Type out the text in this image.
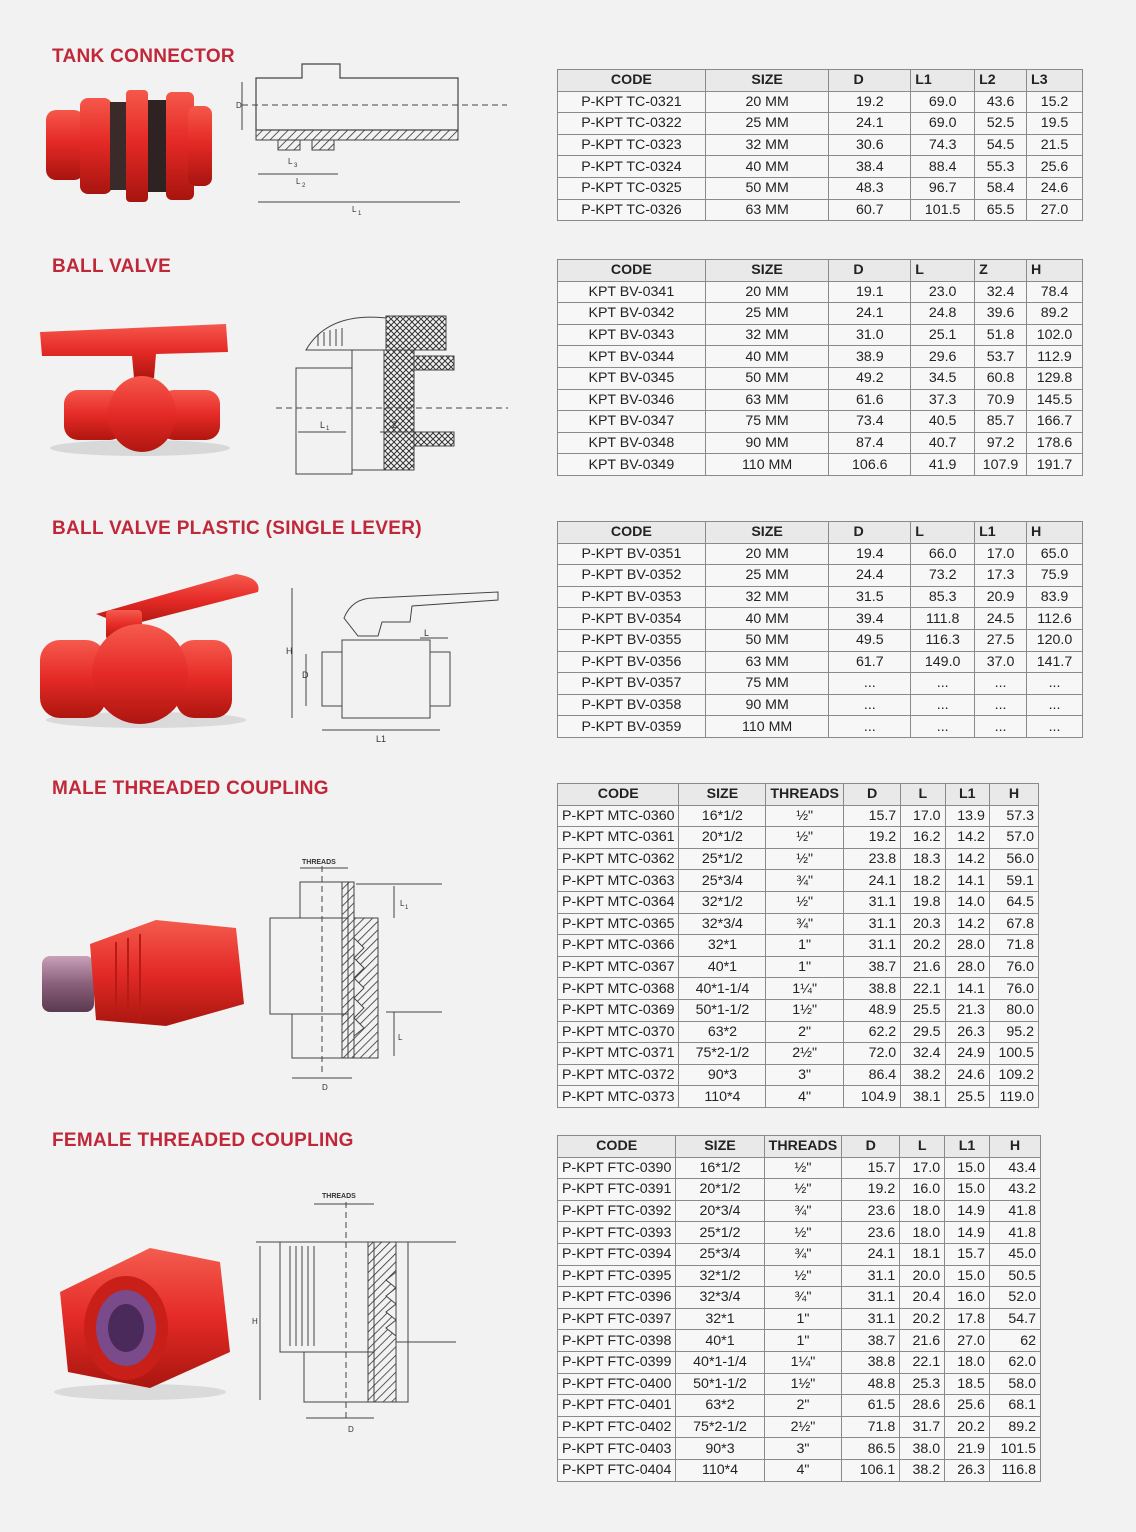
TANK CONNECTOR
D
L 3
L 2
L 1
CODE	SIZE	D	L1	L2	L3
P-KPT TC-0321	20 MM	19.2	69.0	43.6	15.2
P-KPT TC-0322	25 MM	24.1	69.0	52.5	19.5
P-KPT TC-0323	32 MM	30.6	74.3	54.5	21.5
P-KPT TC-0324	40 MM	38.4	88.4	55.3	25.6
P-KPT TC-0325	50 MM	48.3	96.7	58.4	24.6
P-KPT TC-0326	63 MM	60.7	101.5	65.5	27.0
BALL VALVE
L 1	Z
CODE	SIZE	D	L	Z	H
KPT BV-0341	20 MM	19.1	23.0	32.4	78.4
KPT BV-0342	25 MM	24.1	24.8	39.6	89.2
KPT BV-0343	32 MM	31.0	25.1	51.8	102.0
KPT BV-0344	40 MM	38.9	29.6	53.7	112.9
KPT BV-0345	50 MM	49.2	34.5	60.8	129.8
KPT BV-0346	63 MM	61.6	37.3	70.9	145.5
KPT BV-0347	75 MM	73.4	40.5	85.7	166.7
KPT BV-0348	90 MM	87.4	40.7	97.2	178.6
KPT BV-0349	110 MM	106.6	41.9	107.9	191.7
BALL VALVE PLASTIC (SINGLE LEVER)
H
D
L
L1
CODE	SIZE	D	L	L1	H
P-KPT BV-0351	20 MM	19.4	66.0	17.0	65.0
P-KPT BV-0352	25 MM	24.4	73.2	17.3	75.9
P-KPT BV-0353	32 MM	31.5	85.3	20.9	83.9
P-KPT BV-0354	40 MM	39.4	111.8	24.5	112.6
P-KPT BV-0355	50 MM	49.5	116.3	27.5	120.0
P-KPT BV-0356	63 MM	61.7	149.0	37.0	141.7
P-KPT BV-0357	75 MM	...	...	...	...
P-KPT BV-0358	90 MM	...	...	...	...
P-KPT BV-0359	110 MM	...	...	...	...
MALE THREADED COUPLING
THREADS
L 1
L
D
CODE	SIZE	THREADS	D	L	L1	H
P-KPT MTC-0360	16*1/2	½"	15.7	17.0	13.9	57.3
P-KPT MTC-0361	20*1/2	½"	19.2	16.2	14.2	57.0
P-KPT MTC-0362	25*1/2	½"	23.8	18.3	14.2	56.0
P-KPT MTC-0363	25*3/4	¾"	24.1	18.2	14.1	59.1
P-KPT MTC-0364	32*1/2	½"	31.1	19.8	14.0	64.5
P-KPT MTC-0365	32*3/4	¾"	31.1	20.3	14.2	67.8
P-KPT MTC-0366	32*1	1"	31.1	20.2	28.0	71.8
P-KPT MTC-0367	40*1	1"	38.7	21.6	28.0	76.0
P-KPT MTC-0368	40*1-1/4	1¼"	38.8	22.1	14.1	76.0
P-KPT MTC-0369	50*1-1/2	1½"	48.9	25.5	21.3	80.0
P-KPT MTC-0370	63*2	2"	62.2	29.5	26.3	95.2
P-KPT MTC-0371	75*2-1/2	2½"	72.0	32.4	24.9	100.5
P-KPT MTC-0372	90*3	3"	86.4	38.2	24.6	109.2
P-KPT MTC-0373	110*4	4"	104.9	38.1	25.5	119.0
FEMALE THREADED COUPLING
THREADS
H
D
CODE	SIZE	THREADS	D	L	L1	H
P-KPT FTC-0390	16*1/2	½"	15.7	17.0	15.0	43.4
P-KPT FTC-0391	20*1/2	½"	19.2	16.0	15.0	43.2
P-KPT FTC-0392	20*3/4	¾"	23.6	18.0	14.9	41.8
P-KPT FTC-0393	25*1/2	½"	23.6	18.0	14.9	41.8
P-KPT FTC-0394	25*3/4	¾"	24.1	18.1	15.7	45.0
P-KPT FTC-0395	32*1/2	½"	31.1	20.0	15.0	50.5
P-KPT FTC-0396	32*3/4	¾"	31.1	20.4	16.0	52.0
P-KPT FTC-0397	32*1	1"	31.1	20.2	17.8	54.7
P-KPT FTC-0398	40*1	1"	38.7	21.6	27.0	62
P-KPT FTC-0399	40*1-1/4	1¼"	38.8	22.1	18.0	62.0
P-KPT FTC-0400	50*1-1/2	1½"	48.8	25.3	18.5	58.0
P-KPT FTC-0401	63*2	2"	61.5	28.6	25.6	68.1
P-KPT FTC-0402	75*2-1/2	2½"	71.8	31.7	20.2	89.2
P-KPT FTC-0403	90*3	3"	86.5	38.0	21.9	101.5
P-KPT FTC-0404	110*4	4"	106.1	38.2	26.3	116.8
